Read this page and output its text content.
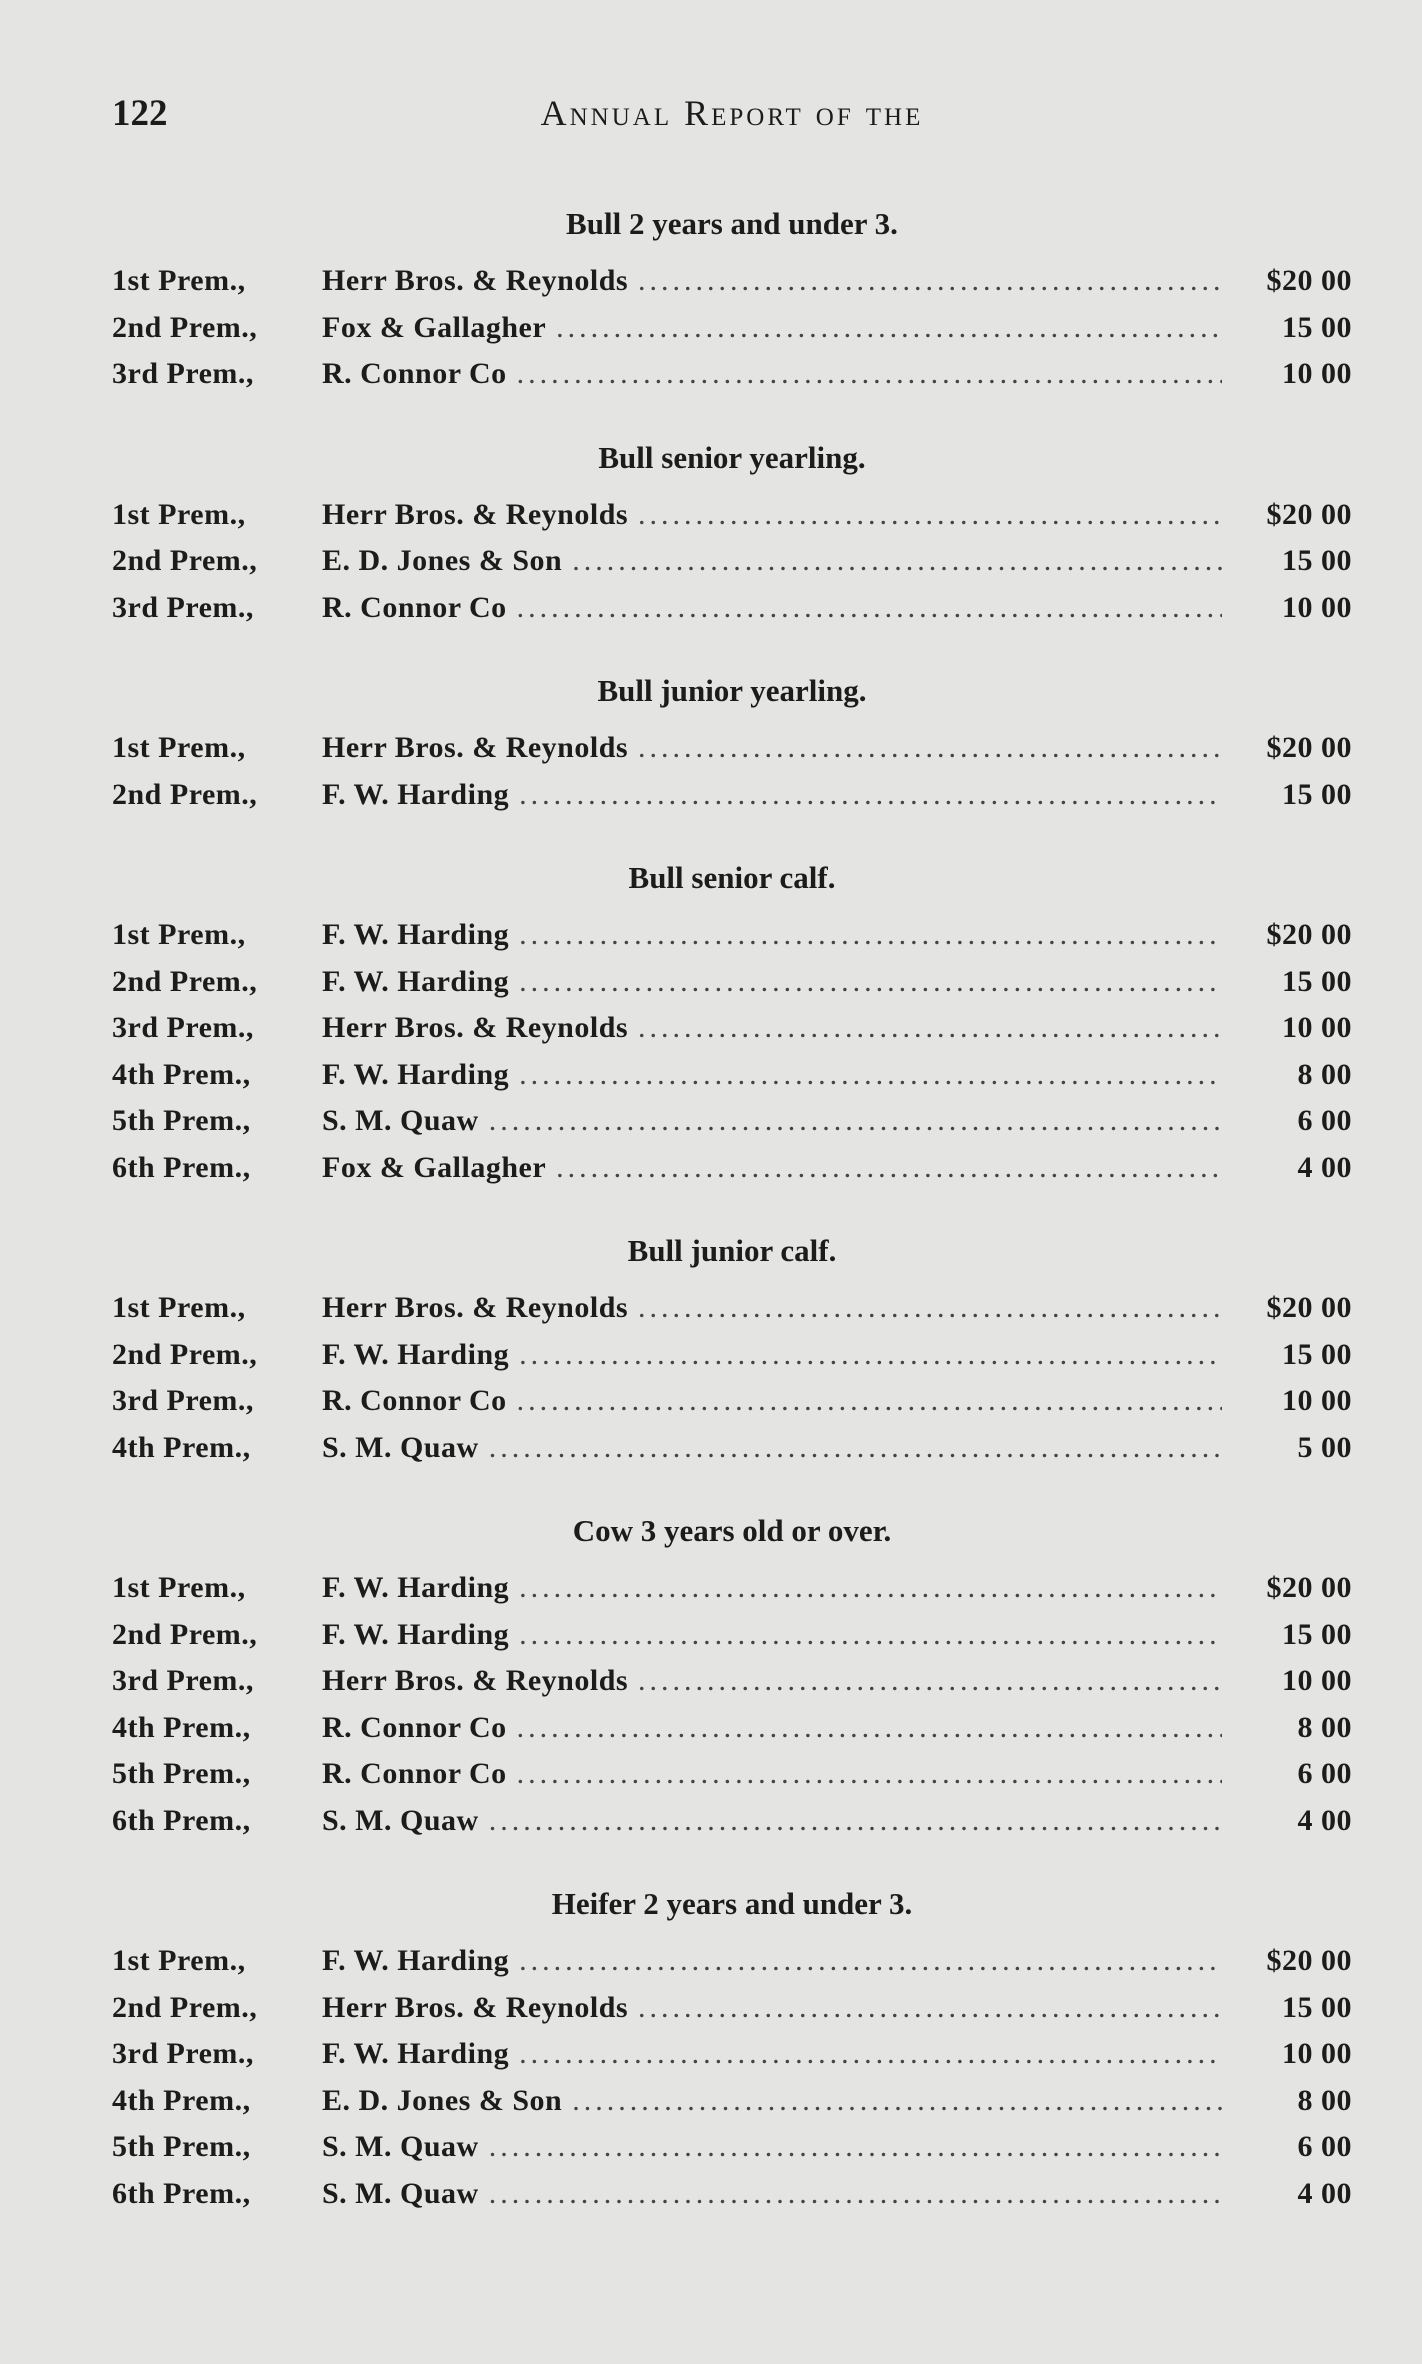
122	Annual Report of the
Bull 2 years and under 3.
1st Prem.,	Herr Bros. & Reynolds .....	$20 00
2nd Prem.,	Fox & Gallagher .....	15 00
3rd Prem.,	R. Connor Co .....	10 00
Bull senior yearling.
1st Prem.,	Herr Bros. & Reynolds .....	$20 00
2nd Prem.,	E. D. Jones & Son .....	15 00
3rd Prem.,	R. Connor Co .....	10 00
Bull junior yearling.
1st Prem.,	Herr Bros. & Reynolds .....	$20 00
2nd Prem.,	F. W. Harding .....	15 00
Bull senior calf.
1st Prem.,	F. W. Harding .....	$20 00
2nd Prem.,	F. W. Harding .....	15 00
3rd Prem.,	Herr Bros. & Reynolds .....	10 00
4th Prem.,	F. W. Harding .....	8 00
5th Prem.,	S. M. Quaw .....	6 00
6th Prem.,	Fox & Gallagher .....	4 00
Bull junior calf.
1st Prem.,	Herr Bros. & Reynolds .....	$20 00
2nd Prem.,	F. W. Harding .....	15 00
3rd Prem.,	R. Connor Co .....	10 00
4th Prem.,	S. M. Quaw .....	5 00
Cow 3 years old or over.
1st Prem.,	F. W. Harding .....	$20 00
2nd Prem.,	F. W. Harding .....	15 00
3rd Prem.,	Herr Bros. & Reynolds .....	10 00
4th Prem.,	R. Connor Co .....	8 00
5th Prem.,	R. Connor Co .....	6 00
6th Prem.,	S. M. Quaw .....	4 00
Heifer 2 years and under 3.
1st Prem.,	F. W. Harding .....	$20 00
2nd Prem.,	Herr Bros. & Reynolds .....	15 00
3rd Prem.,	F. W. Harding .....	10 00
4th Prem.,	E. D. Jones & Son .....	8 00
5th Prem.,	S. M. Quaw .....	6 00
6th Prem.,	S. M. Quaw .....	4 00
